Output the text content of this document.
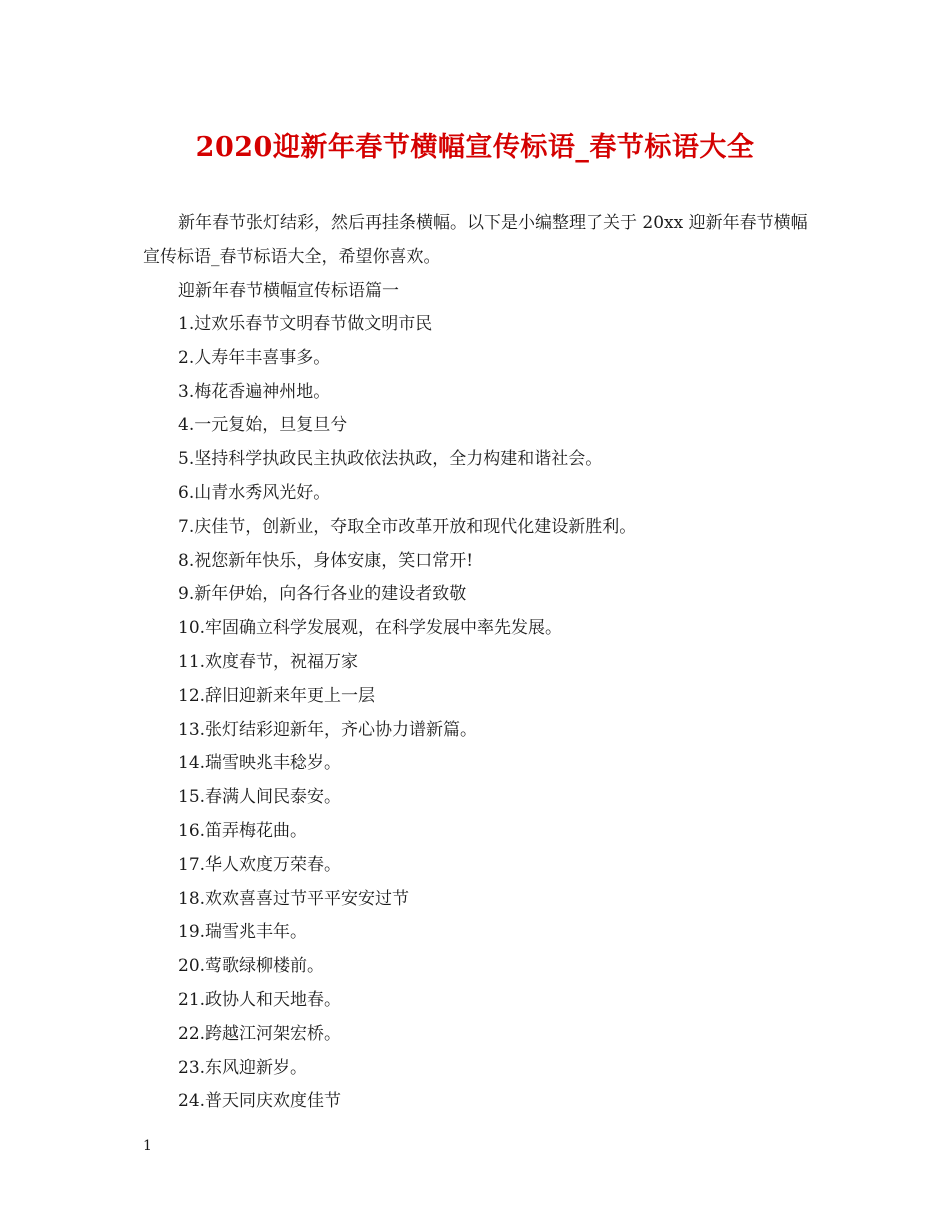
2020迎新年春节横幅宣传标语_春节标语大全

新年春节张灯结彩，然后再挂条横幅。以下是小编整理了关于 20xx 迎新年春节横幅宣传标语_春节标语大全，希望你喜欢。

迎新年春节横幅宣传标语篇一

1.过欢乐春节文明春节做文明市民
2.人寿年丰喜事多。
3.梅花香遍神州地。
4.一元复始，旦复旦兮
5.坚持科学执政民主执政依法执政，全力构建和谐社会。
6.山青水秀风光好。
7.庆佳节，创新业，夺取全市改革开放和现代化建设新胜利。
8.祝您新年快乐，身体安康，笑口常开!
9.新年伊始，向各行各业的建设者致敬
10.牢固确立科学发展观，在科学发展中率先发展。
11.欢度春节，祝福万家
12.辞旧迎新来年更上一层
13.张灯结彩迎新年，齐心协力谱新篇。
14.瑞雪映兆丰稔岁。
15.春满人间民泰安。
16.笛弄梅花曲。
17.华人欢度万荣春。
18.欢欢喜喜过节平平安安过节
19.瑞雪兆丰年。
20.莺歌绿柳楼前。
21.政协人和天地春。
22.跨越江河架宏桥。
23.东风迎新岁。
24.普天同庆欢度佳节
1
